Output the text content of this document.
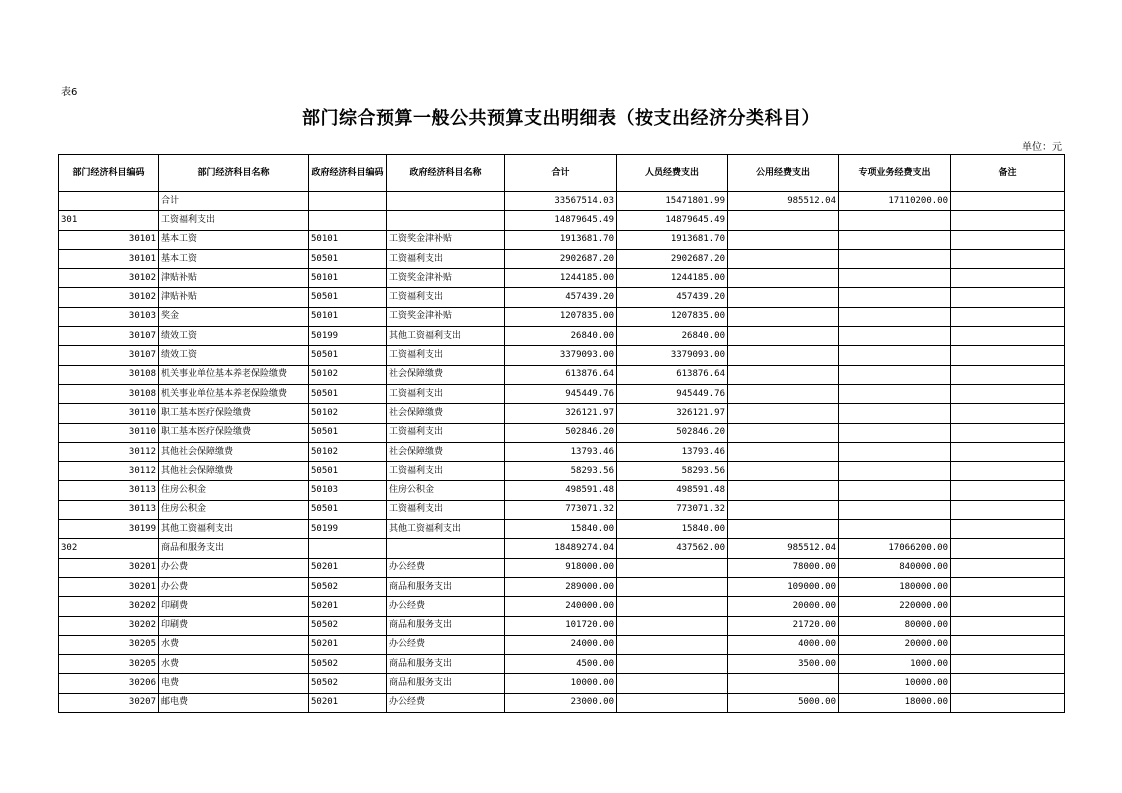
表6
部门综合预算一般公共预算支出明细表（按支出经济分类科目）
单位：元
部门经济科目编码	部门经济科目名称	政府经济科目编码	政府经济科目名称	合计	人员经费支出	公用经费支出	专项业务经费支出	备注
	合计			33567514.03	15471801.99	985512.04	17110200.00	
301	工资福利支出			14879645.49	14879645.49			
30101	基本工资	50101	工资奖金津补贴	1913681.70	1913681.70			
30101	基本工资	50501	工资福利支出	2902687.20	2902687.20			
30102	津贴补贴	50101	工资奖金津补贴	1244185.00	1244185.00			
30102	津贴补贴	50501	工资福利支出	457439.20	457439.20			
30103	奖金	50101	工资奖金津补贴	1207835.00	1207835.00			
30107	绩效工资	50199	其他工资福利支出	26840.00	26840.00			
30107	绩效工资	50501	工资福利支出	3379093.00	3379093.00			
30108	机关事业单位基本养老保险缴费	50102	社会保障缴费	613876.64	613876.64			
30108	机关事业单位基本养老保险缴费	50501	工资福利支出	945449.76	945449.76			
30110	职工基本医疗保险缴费	50102	社会保障缴费	326121.97	326121.97			
30110	职工基本医疗保险缴费	50501	工资福利支出	502846.20	502846.20			
30112	其他社会保障缴费	50102	社会保障缴费	13793.46	13793.46			
30112	其他社会保障缴费	50501	工资福利支出	58293.56	58293.56			
30113	住房公积金	50103	住房公积金	498591.48	498591.48			
30113	住房公积金	50501	工资福利支出	773071.32	773071.32			
30199	其他工资福利支出	50199	其他工资福利支出	15840.00	15840.00			
302	商品和服务支出			18489274.04	437562.00	985512.04	17066200.00	
30201	办公费	50201	办公经费	918000.00		78000.00	840000.00	
30201	办公费	50502	商品和服务支出	289000.00		109000.00	180000.00	
30202	印刷费	50201	办公经费	240000.00		20000.00	220000.00	
30202	印刷费	50502	商品和服务支出	101720.00		21720.00	80000.00	
30205	水费	50201	办公经费	24000.00		4000.00	20000.00	
30205	水费	50502	商品和服务支出	4500.00		3500.00	1000.00	
30206	电费	50502	商品和服务支出	10000.00			10000.00	
30207	邮电费	50201	办公经费	23000.00		5000.00	18000.00	
